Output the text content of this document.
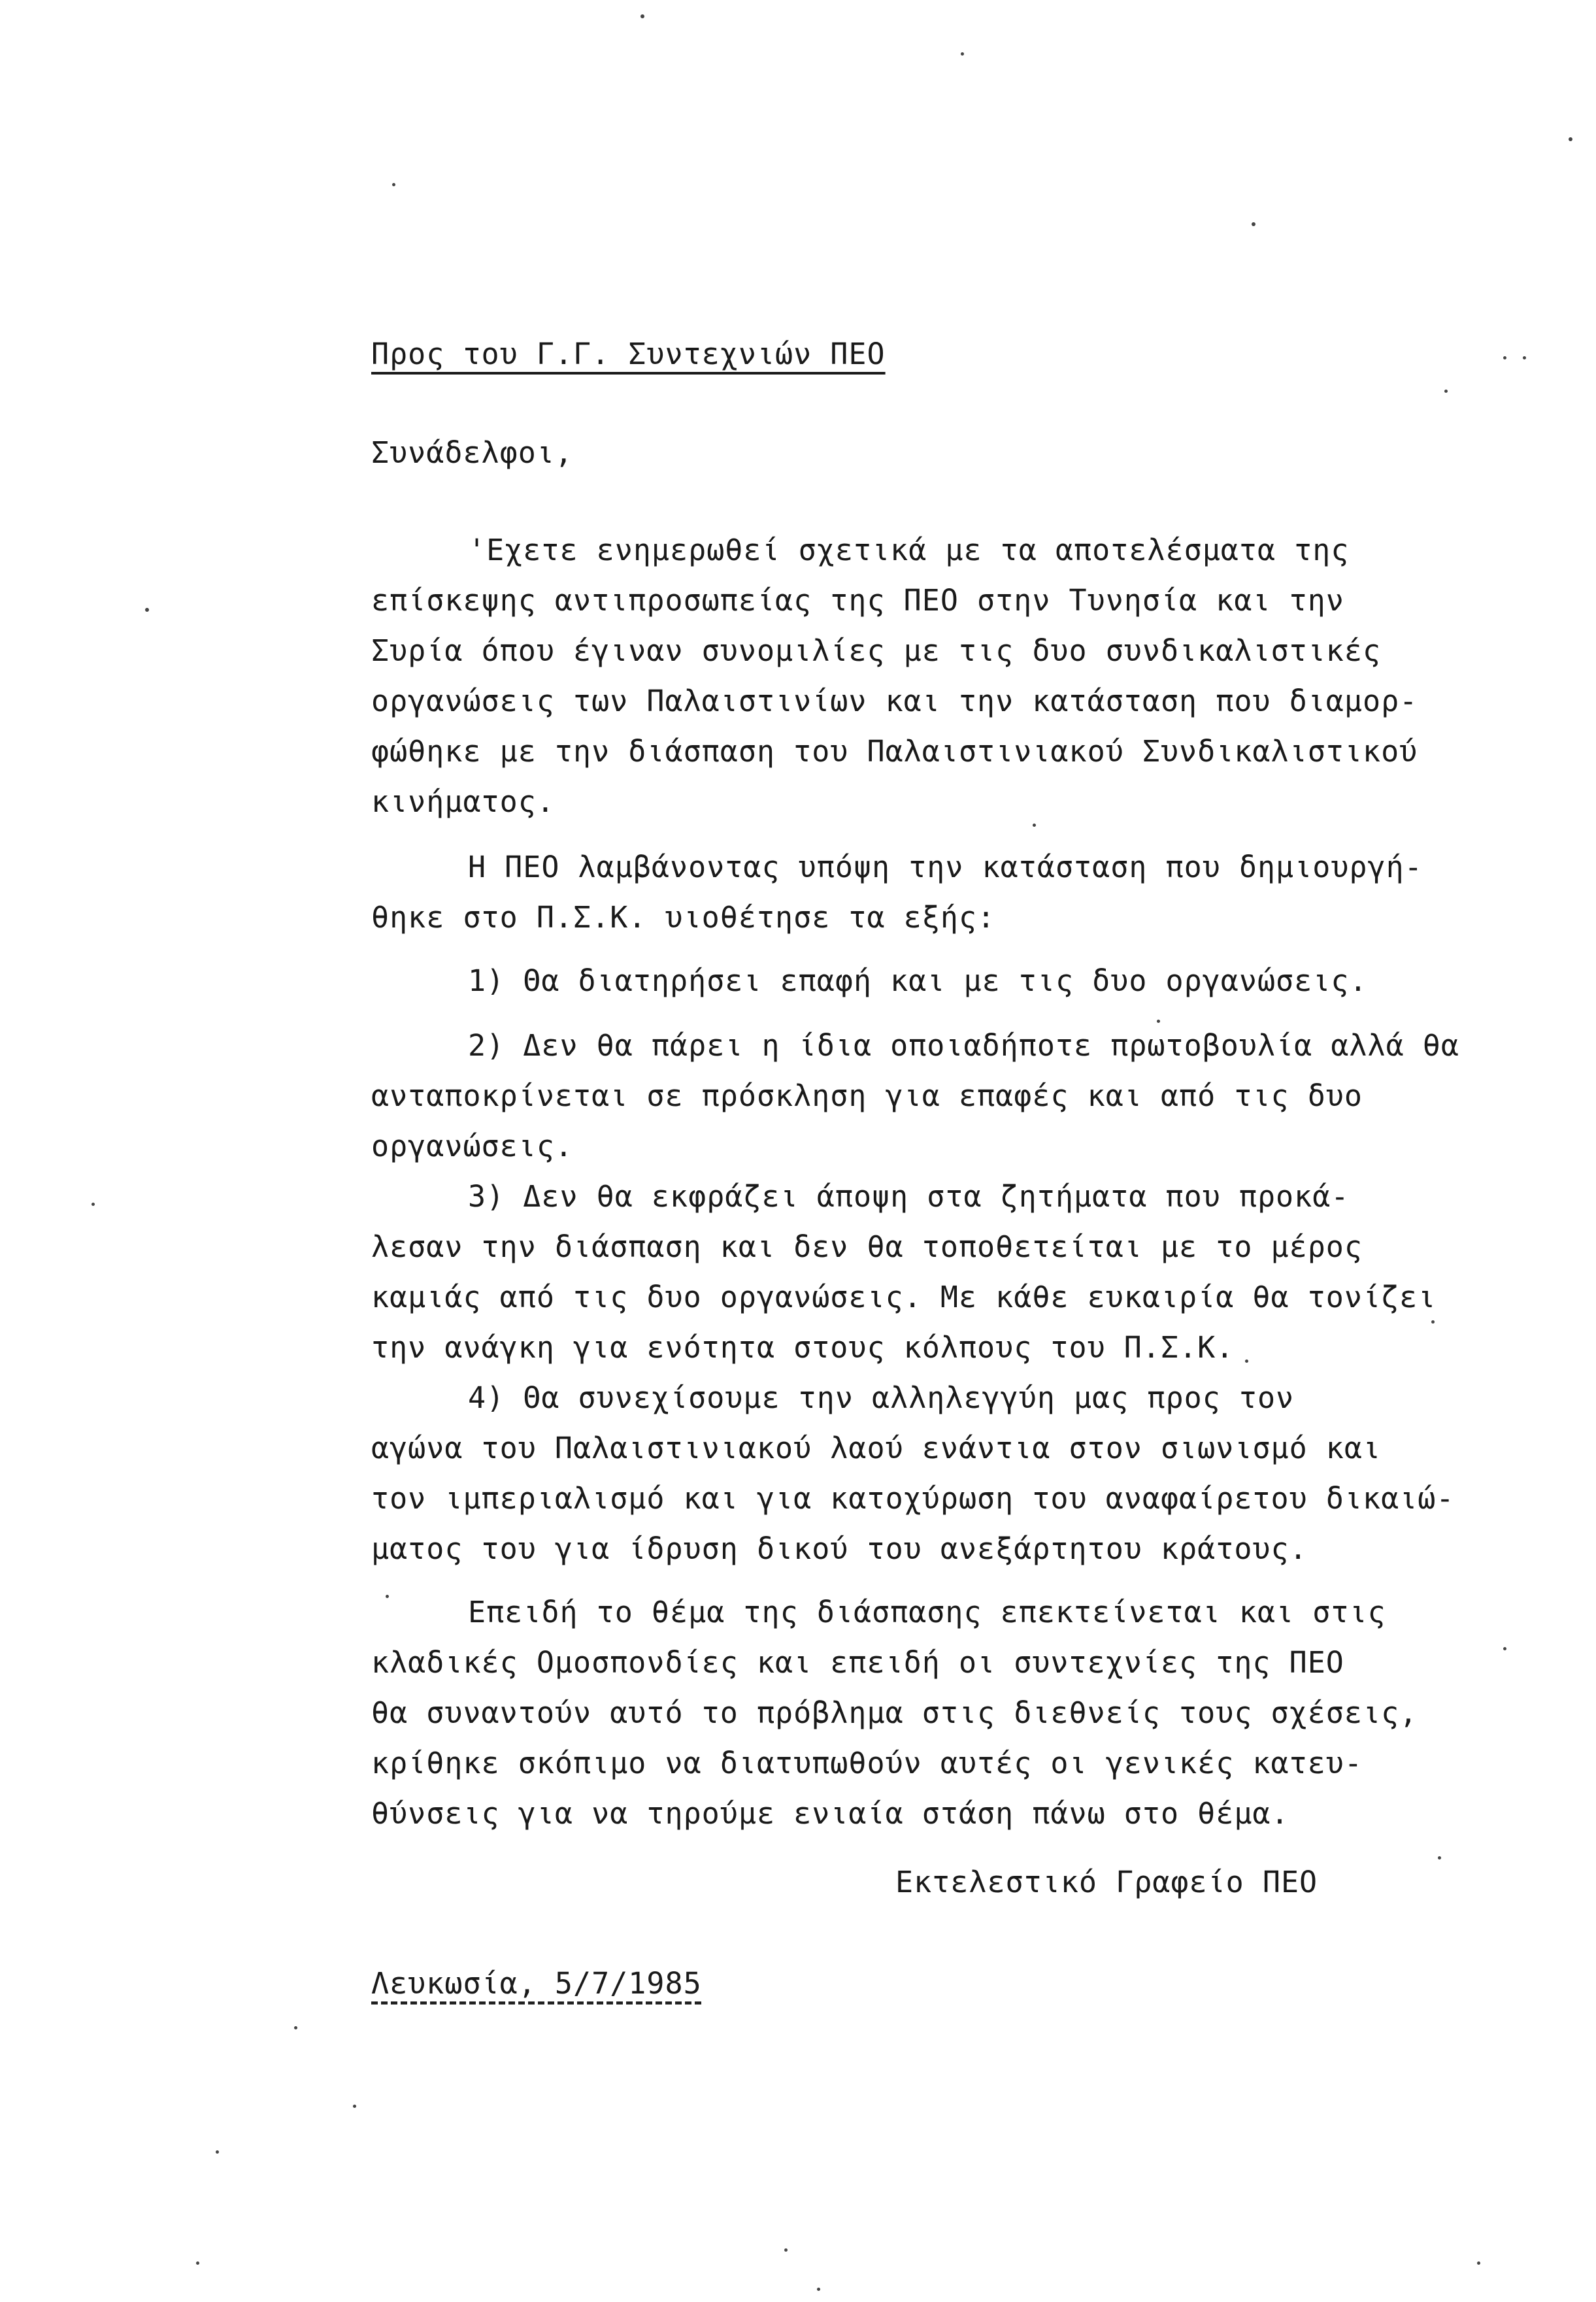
Προς του Γ.Γ. Συντεχνιών ΠΕΟ
Συνάδελφοι,
'Εχετε ενημερωθεί σχετικά με τα αποτελέσματα της
επίσκεψης αντιπροσωπείας της ΠΕΟ στην Τυνησία και την
Συρία όπου έγιναν συνομιλίες με τις δυο συνδικαλιστικές
οργανώσεις των Παλαιστινίων και την κατάσταση που διαμορ-
φώθηκε με την διάσπαση του Παλαιστινιακού Συνδικαλιστικού
κινήματος.
Η ΠΕΟ λαμβάνοντας υπόψη την κατάσταση που δημιουργή-
θηκε στο Π.Σ.Κ. υιοθέτησε τα εξής:
1) Θα διατηρήσει επαφή και με τις δυο οργανώσεις.
2) Δεν θα πάρει η ίδια οποιαδήποτε πρωτοβουλία αλλά θα
ανταποκρίνεται σε πρόσκληση για επαφές και από τις δυο
οργανώσεις.
3) Δεν θα εκφράζει άποψη στα ζητήματα που προκά-
λεσαν την διάσπαση και δεν θα τοποθετείται με το μέρος
καμιάς από τις δυο οργανώσεις. Με κάθε ευκαιρία θα τονίζει
την ανάγκη για ενότητα στους κόλπους του Π.Σ.Κ.
4) Θα συνεχίσουμε την αλληλεγγύη μας προς τον
αγώνα του Παλαιστινιακού λαού ενάντια στον σιωνισμό και
τον ιμπεριαλισμό και για κατοχύρωση του αναφαίρετου δικαιώ-
ματος του για ίδρυση δικού του ανεξάρτητου κράτους.
Επειδή το θέμα της διάσπασης επεκτείνεται και στις
κλαδικές Ομοσπονδίες και επειδή οι συντεχνίες της ΠΕΟ
θα συναντούν αυτό το πρόβλημα στις διεθνείς τους σχέσεις,
κρίθηκε σκόπιμο να διατυπωθούν αυτές οι γενικές κατευ-
θύνσεις για να τηρούμε ενιαία στάση πάνω στο θέμα.
Εκτελεστικό Γραφείο ΠΕΟ
Λευκωσία, 5/7/1985
